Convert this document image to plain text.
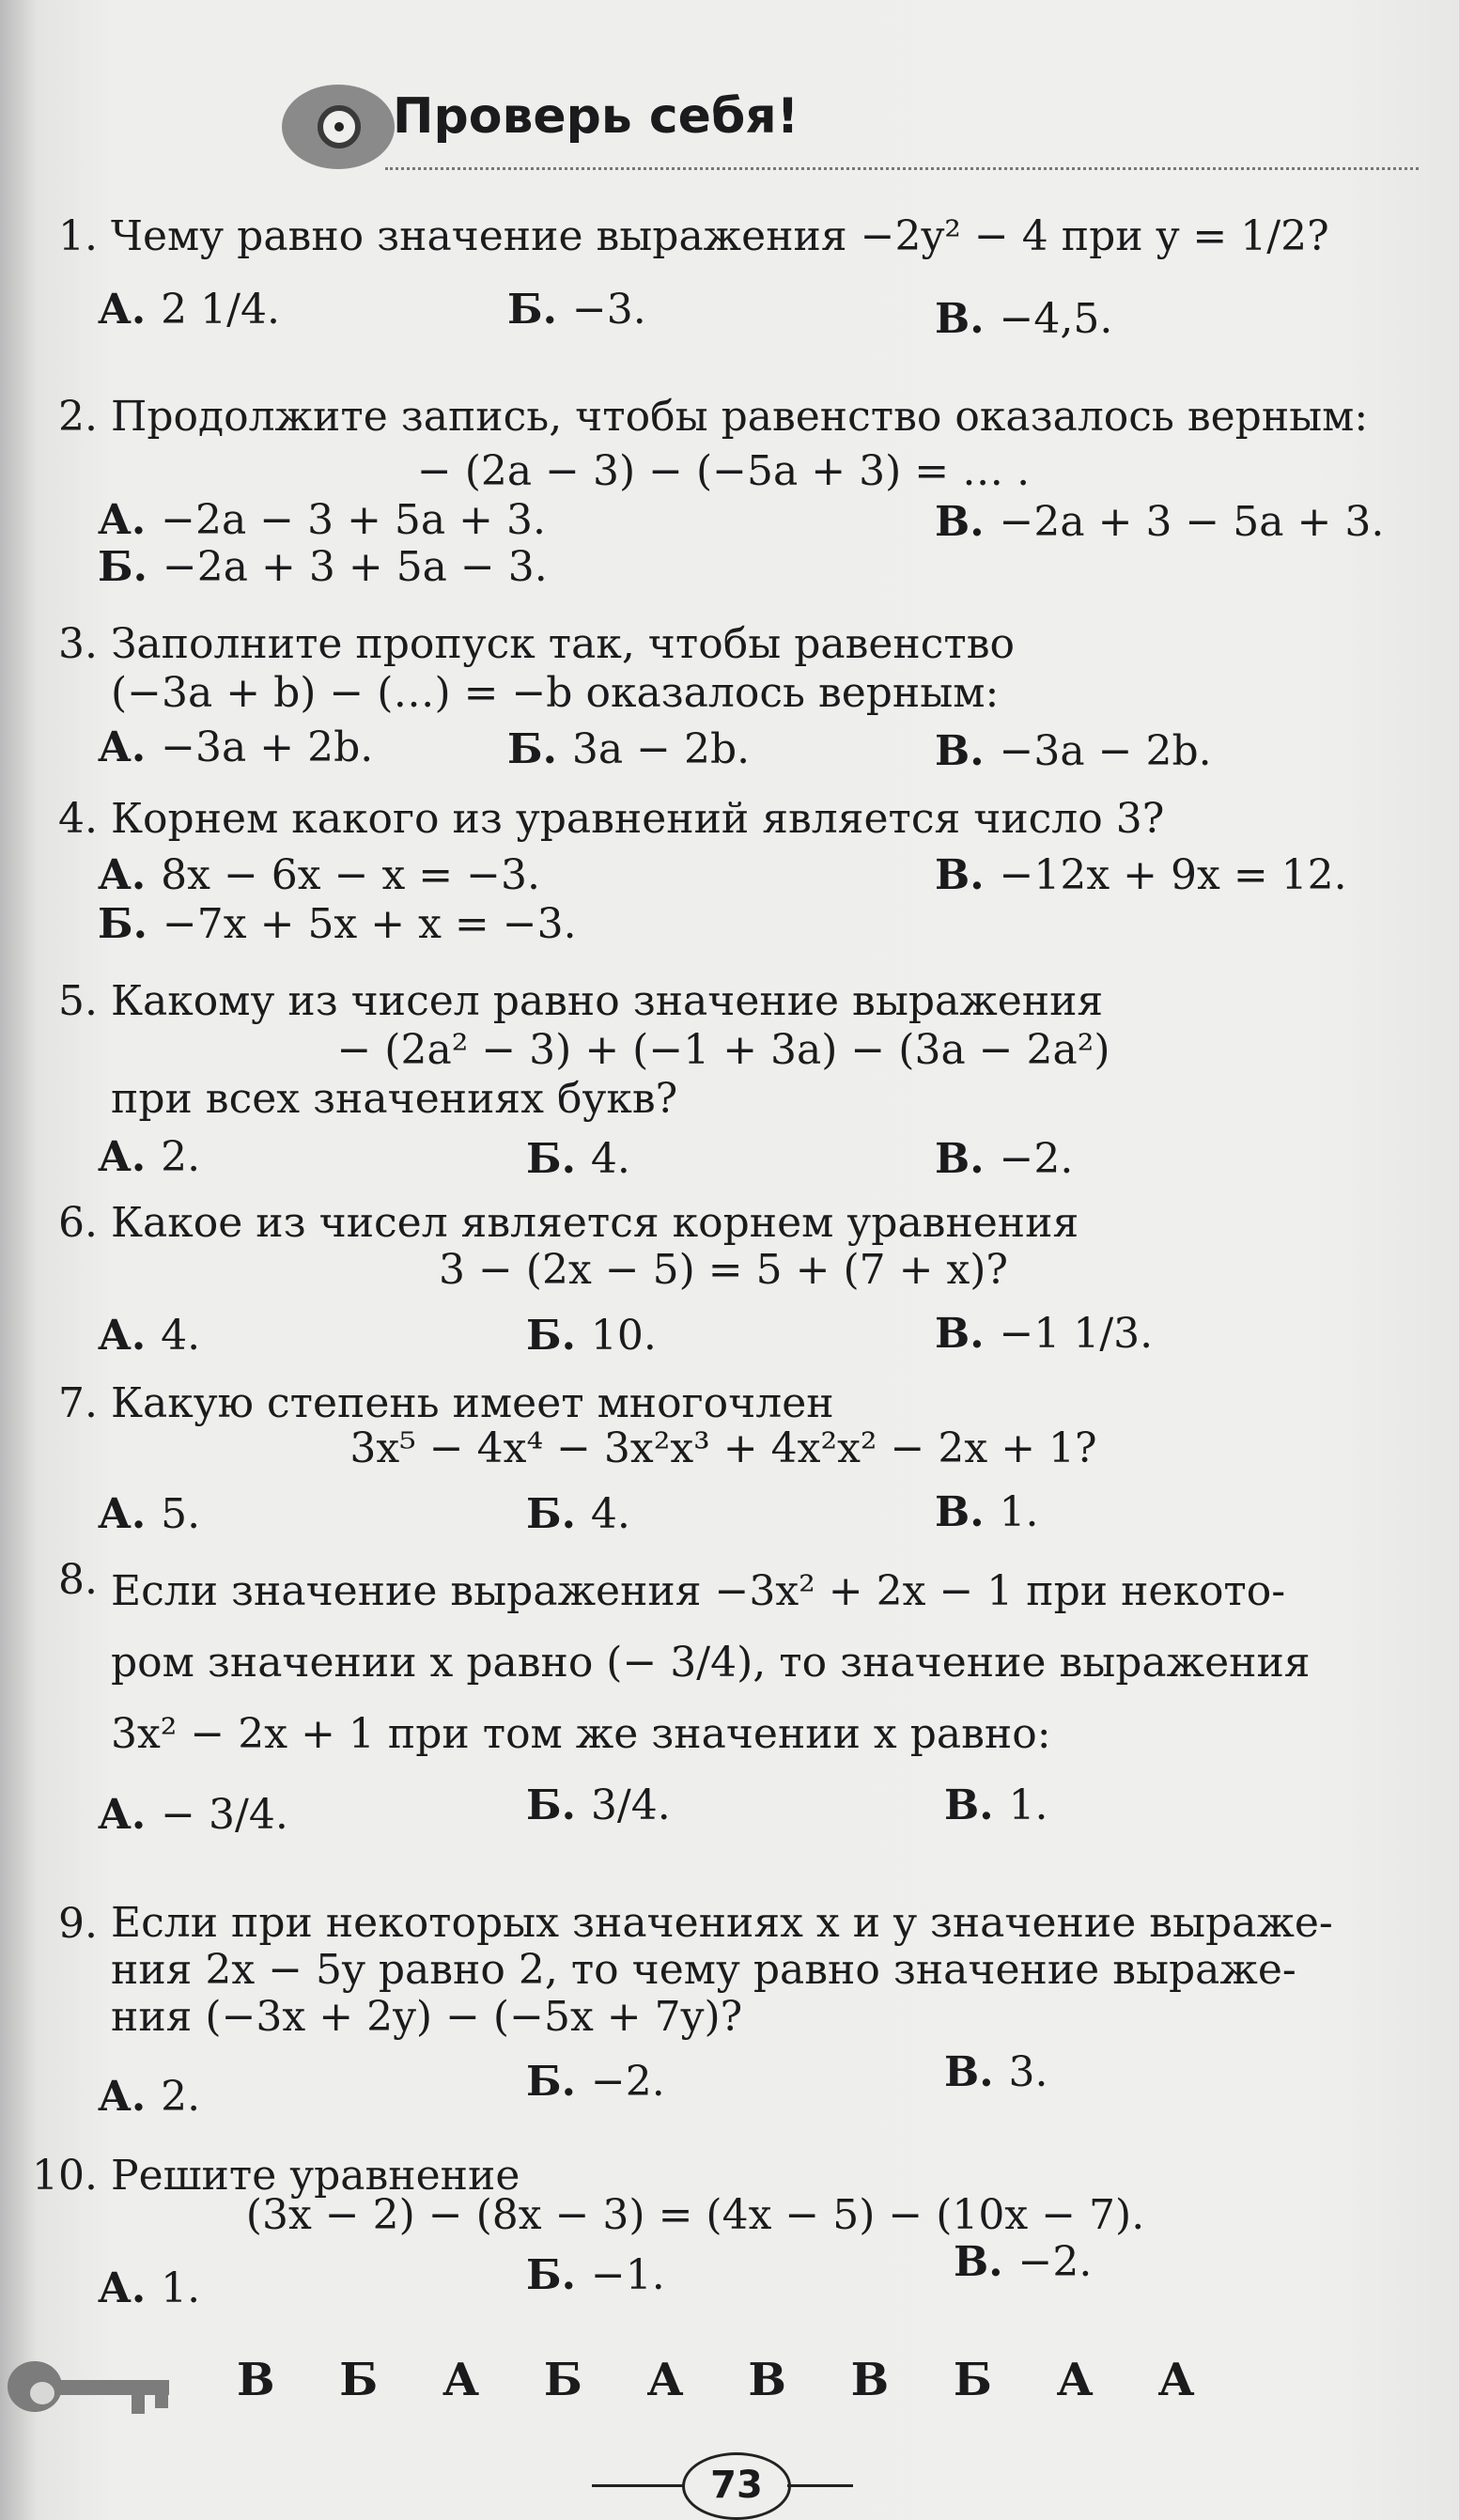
Проверь себя!
1. Чему равно значение выражения −2y² − 4 при y = 1/2?
А. 2 1/4.	Б. −3.	В. −4,5.
2. Продолжите запись, чтобы равенство оказалось верным:
− (2a − 3) − (−5a + 3) = … .
А. −2a − 3 + 5a + 3.
Б. −2a + 3 + 5a − 3.
В. −2a + 3 − 5a + 3.
3. Заполните пропуск так, чтобы равенство
(−3a + b) − (…) = −b оказалось верным:
А. −3a + 2b.	Б. 3a − 2b.	В. −3a − 2b.
4. Корнем какого из уравнений является число 3?
А. 8x − 6x − x = −3.
Б. −7x + 5x + x = −3.
В. −12x + 9x = 12.
5. Какому из чисел равно значение выражения
− (2a² − 3) + (−1 + 3a) − (3a − 2a²)
при всех значениях букв?
А. 2.	Б. 4.	В. −2.
6. Какое из чисел является корнем уравнения
3 − (2x − 5) = 5 + (7 + x)?
А. 4.	Б. 10.	В. −1 1/3.
7. Какую степень имеет многочлен
3x⁵ − 4x⁴ − 3x²x³ + 4x²x² − 2x + 1?
А. 5.	Б. 4.	В. 1.
8. Если значение выражения −3x² + 2x − 1 при некото-
ром значении x равно (− 3/4), то значение выражения
3x² − 2x + 1 при том же значении x равно:
А. − 3/4.	Б. 3/4.	В. 1.
9. Если при некоторых значениях x и y значение выраже-
ния 2x − 5y равно 2, то чему равно значение выраже-
ния (−3x + 2y) − (−5x + 7y)?
А. 2.	Б. −2.	В. 3.
10. Решите уравнение
(3x − 2) − (8x − 3) = (4x − 5) − (10x − 7).
А. 1.	Б. −1.	В. −2.
В Б А Б А В В Б А А
73
